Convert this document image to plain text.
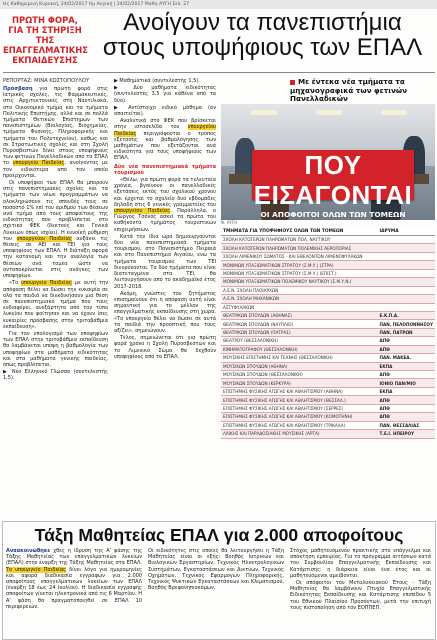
Ης Καθημερινή Κυριακή, 24/02/2017 Ημ Αυγική | 24/02/2017 Μαθη ΑΥΓΗ Σελ. 27
ΠΡΩΤΗ ΦΟΡΑ,
ΓΙΑ ΤΗ ΣΤΗΡΙΞΗ ΤΗΣ
ΕΠΑΓΓΕΛΜΑΤΙΚΗΣ
ΕΚΠΑΙΔΕΥΣΗΣ
Ανοίγουν τα πανεπιστήμια
στους υποψήφιους των ΕΠΑΛ
ΡΕΠΟΡΤΑΖ: ΜΙΝΑ ΚΩΣΤΟΠΟΥΛΟΥ

Πρόσβαση για πρώτη φορά στις Ιατρικές σχολές, τις Φαρμακευτικές, στις Αρχιτεκτονικές στη Ναυτιλιακά, στο Οικονομικό τμήμα και τα τμήματα Πολιτικής Επιστήμης, αλλά και σε πολλά τμήματα Θετικών Επιστημών των πανεπιστημίων (Βιολογίας, Βιοχημείας, τμήματα Φυσικής, Πληροφορικής και τμήματα του Πολυτεχνείου), καθώς και σε Στρατιωτικές σχολές και στη Σχολή Πυροσβεστών δίνει στους υποψήφιους των φετινών Πανελλαδικών από τα ΕΠΑΛ το υπουργείο Παιδείας, ανοίγοντας με τον ειδικότερα από τον οποίο προέρχονται.

Οι υποψήφιοι των ΕΠΑΛ θα μπορούν στις πανεπιστημιακές σχολές και τα τμήματα των νέων προγραμμάτων να ολοκληρώσουν τις σπουδές τους σε ποσοστό 1% επί του αριθμού των θέσεων ανά τμήμα από τους αποφοίτους της ειδικότητας που προβλέπεται στο σχετικό ΦΕΚ (δεκτούς και Γενικά Λύκειων όπως ισχύει). Η ευνοϊκή ρύθμιση του υπουργείου Παιδείας αυξάνει τις θέσεις σε ΑΕΙ και ΤΕΙ για τους υποψηφίους των ΕΠΑΛ. Η διάταξη αφορά την κατανομή και την αναλογία των θέσεων ανά τομέα ώστε να ανταποκρίνεται στις ανάγκες των υποψηφίων.

«Το υπουργείο Παιδείας με αυτή την απόφαση θέλει να δώσει την ευκαιρία σε όλα τα παιδιά να διεκδικήσουν μια θέση σε πανεπιστημιακό τμήμα που τους ενδιαφέρει, ανεξάρτητα από τον τύπο λυκείου που φοίτησαν και να έχουν ίσες ευκαιρίες πρόσβασης στην τριτοβάθμια εκπαίδευση».

Για τον υπολογισμό των υποψηφίων των ΕΠΑΛ στην τριτοβάθμια εκπαίδευση θα λαμβάνεται υπόψη η βαθμολογία των υποψηφίων στα μαθήματα ειδικότητας και στα μαθήματα γενικής παιδείας, όπως προβλέπεται.

▶ Νέο Ελληνικό Γλώσσα (συντελεστής 1,5).

▶ Μαθηματικά (συντελεστής 1,5).

▶ Δύο μαθήματα ειδικότητας (συντελεστές 3,5 για κάθένα από τα δύο).

▶ Αντίστοιχο ειδικό μάθημα (αν απαιτείται).

Αναλυτικά στο ΦΕΚ που βρίσκεται στην ιστοσελίδα του υπουργείου Παιδείας περιγράφονται ο τρόπος εξέτασης και βαθμολόγησης των μαθημάτων που εξετάζονται ανά ειδικότητα για τους υποψήφιους των ΕΠΑΛ.

Δύο νέα πανεπιστημιακά τμήματα τουρισμού

«Θέλω, για πρώτη φορά τα τελευταία χρόνια, βγαίνουν οι πανελλαδικές εξετάσεις εκτός του σχολικού χρόνου και έρχεται το σχολείο δυο εβδομάδες δηλαδή στις 6 γενικές γραμματείες του υπουργείου Παιδείας. Παράλληλα, ο Γιώργος Τσόνος ασκεί τα πρώτα του καθήκοντα τμήματος τουριστικών επιχειρήσεων.

Κατά την ίδια ώρα δημιουργούνται δύο νέα πανεπιστημιακά τμήματα τουρισμού, στο Πανεπιστήμιο Πειραιά και στο Πανεπιστήμιο Αιγαίου, ενώ τα τμήματα τουρισμού των ΤΕΙ διευρύνονται. Τα δύο τμήματα που είναι διατεταγμένα στα ΤΕΙ, θα λειτουργήσουν από το ακαδημαϊκό έτος 2017-2018.

Ακόμη, γνώστες του ζητήματος επισημαίνουν ότι η απόφαση αυτή είναι σημαντική για το μέλλον της επαγγελματικής εκπαίδευσης στη χώρα. «Το υπουργείο θέλει να δώσει σε αυτά τα παιδιά την προοπτική που τους αξίζει», σημειώνουν.

Τέλος, σημειώνεται ότι για πρώτη φορά χρόνο η Σχολή Πυροσβεστών και το Λιμενικό Σώμα θα δεχθούν υποψηφίους από τα ΕΠΑΛ.

Με έντεκα νέα τμήματα τα μηχανογραφικά των φετινών Πανελλαδικών
ΠΟΥ ΕΙΣΑΓΟΝΤΑΙ
ΟΙ ΑΠΟΦΟΙΤΟΙ ΟΛΩΝ ΤΩΝ ΤΟΜΕΩΝ
Φ. ΑΥΓΗ
ΤΜΗΜΑΤΑ ΓΙΑ ΥΠΟΨΗΦΙΟΥΣ ΟΛΩΝ ΤΩΝ ΤΟΜΕΩΝ	ΙΔΡΥΜΑ
ΣΧΟΛΗ ΚΑΤΩΤΕΡΩΝ ΠΛΗΡΩΜΑΤΩΝ ΠΟΛ. ΝΑΥΤΙΚΟΥ	
ΣΧΟΛΗ ΚΑΤΩΤΕΡΩΝ ΠΛΗΡΩΜΑΤΩΝ ΠΟΛΕΜΙΚΗΣ ΑΕΡΟΠΟΡΙΑΣ	
ΣΧΟΛΗ ΛΙΜΕΝΙΚΟΥ ΣΩΜΑΤΟΣ - ΚΑΙ ΕΘΕΛΟΝΤΩΝ ΛΙΜΕΝΟΦΥΛΑΚΩΝ	
ΜΟΝΙΜΩΝ ΥΠΑΞΙΩΜΑΤΙΚΩΝ ΣΤΡΑΤΟΥ (Σ.Μ.Υ.) (ΣΤΡΑ)	
ΜΟΝΙΜΩΝ ΥΠΑΞΙΩΜΑΤΙΚΩΝ ΣΤΡΑΤΟΥ (Σ.Μ.Υ.) (ΕΠΙΣΤ.)	
ΜΟΝΙΜΩΝ ΥΠΑΞΙΩΜΑΤΙΚΩΝ ΠΟΛΕΜΙΚΟΥ ΝΑΥΤΙΚΟΥ (Σ.Μ.Υ.Ν.)	
Α.Ε.Ν. ΣΧΟΛΗ ΠΛΟΙΑΡΧΩΝ	
Α.Ε.Ν. ΣΧΟΛΗ ΜΗΧΑΝΙΚΩΝ	
ΑΣΤΥΦΥΛΑΚΩΝ	
ΘΕΑΤΡΙΚΩΝ ΣΠΟΥΔΩΝ (ΑΘΗΝΑΣ)	Ε.Κ.Π.Α.
ΘΕΑΤΡΙΚΩΝ ΣΠΟΥΔΩΝ (ΝΑΥΠΛΙΟ)	ΠΑΝ. ΠΕΛΟΠΟΝΝΗΣΟΥ
ΘΕΑΤΡΙΚΩΝ ΣΠΟΥΔΩΝ (ΠΑΤΡΑΣ)	ΠΑΝ. ΠΑΤΡΩΝ
ΘΕΑΤΡΟΥ (ΘΕΣΣΑΛΟΝΙΚΗ)	ΑΠΘ
ΚΙΝΗΜΑΤΟΓΡΑΦΟΥ (ΘΕΣΣΑΛΟΝΙΚΗ)	ΑΠΘ
ΜΟΥΣΙΚΗΣ ΕΠΙΣΤΗΜΗΣ ΚΑΙ ΤΕΧΝΗΣ (ΘΕΣΣΑΛΟΝΙΚΗ)	ΠΑΝ. ΜΑΚΕΔ.
ΜΟΥΣΙΚΩΝ ΣΠΟΥΔΩΝ (ΑΘΗΝΑ)	ΕΚΠΑ
ΜΟΥΣΙΚΩΝ ΣΠΟΥΔΩΝ (ΘΕΣΣΑΛΟΝΙΚΗ)	ΑΠΘ
ΜΟΥΣΙΚΩΝ ΣΠΟΥΔΩΝ (ΚΕΡΚΥΡΑ)	ΙΟΝΙΟ ΠΑΝ/ΜΙΟ
ΕΠΙΣΤΗΜΗΣ ΦΥΣΙΚΗΣ ΑΓΩΓΗΣ ΚΑΙ ΑΘΛΗΤΙΣΜΟΥ (ΑΘΗΝΑ)	ΕΚΠΑ
ΕΠΙΣΤΗΜΗΣ ΦΥΣΙΚΗΣ ΑΓΩΓΗΣ ΚΑΙ ΑΘΛΗΤΙΣΜΟΥ (ΘΕΣΣΑΛ.)	ΑΠΘ
ΕΠΙΣΤΗΜΗΣ ΦΥΣΙΚΗΣ ΑΓΩΓΗΣ ΚΑΙ ΑΘΛΗΤΙΣΜΟΥ (ΣΕΡΡΕΣ)	ΑΠΘ
ΕΠΙΣΤΗΜΗΣ ΦΥΣΙΚΗΣ ΑΓΩΓΗΣ ΚΑΙ ΑΘΛΗΤΙΣΜΟΥ (ΚΟΜΟΤΗΝΗ)	ΔΠΘ
ΕΠΙΣΤΗΜΗΣ ΦΥΣΙΚΗΣ ΑΓΩΓΗΣ ΚΑΙ ΑΘΛΗΤΙΣΜΟΥ (ΤΡΙΚΑΛΑ)	ΠΑΝ. ΘΕΣΣΑΛΙΑΣ
ΛΑΙΚΗΣ ΚΑΙ ΠΑΡΑΔΟΣΙΑΚΗΣ ΜΟΥΣΙΚΗΣ (ΑΡΤΑ)	Τ.Ε.Ι. ΗΠΕΙΡΟΥ
Τάξη Μαθητείας ΕΠΑΛ για 2.000 αποφοίτους

Αναακοινώθηκε χθες η ίδρυση της Α' φάσης της Τάξης Μαθητείας των επαγγελματικών λυκείων (ΕΠΑΛ) στην έναρξη της Τάξης Μαθητείας στα ΕΠΑΛ. Το υπουργείο Παιδείας δίνει λόγο για ημερομηνίες και αφορά διαδικασία εγγραφών για 2.000 αποφοίτους επαγγελματικών λυκείων των ΕΠΑΛ (έναρξη 18 έως 24 Ιουλίου). Η διαδικασία εγγραφής αποφοίτων γίνεται ηλεκτρονικά από τις 6 Μαρτίου. Η Α' φάση θα πραγματοποιηθεί σε ΕΠΑΛ 10 περιφερειών.

Οι ειδικότητες στις οποίες θα λειτουργήσει η Τάξη Μαθητείας είναι οι εξής: Βοηθός Ιατρικών και Βιολογικών Εργαστηρίων, Τεχνικός Ηλεκτρολογικών Συστημάτων, Εγκαταστάσεων και Δικτύων, Τεχνικός Οχημάτων, Τεχνικός Εφαρμογών Πληροφορικής, Τεχνικός Ψυκτικών Εγκαταστάσεων και Κλιματισμού, Βοηθός Βρεφονηπιοκόμων.

Στόχος μαθητευόμενου πρακτικής στο επάγγελμα και απόκτηση εμπειρίας. Για το πρόγραμμα αιτήσεων κατά του Συμβουλίου Επαγγελματικής Εκπαίδευσης και Κατάρτισης: η διάρκεια είναι ένα έτος και οι μαθητευόμενοι αμείβονται.

Οι απόφοιτοι του Μεταλυκειακού Έτους - Τάξη Μαθητείας θα λαμβάνουν Πτυχίο Επαγγελματικής Ειδικότητας Εκπαίδευσης και Κατάρτισης επιπέδου 5 του Εθνικού Πλαισίου Προσόντων, μετά την επιτυχή τους πιστοποίηση από τον ΕΟΠΠΕΠ.
